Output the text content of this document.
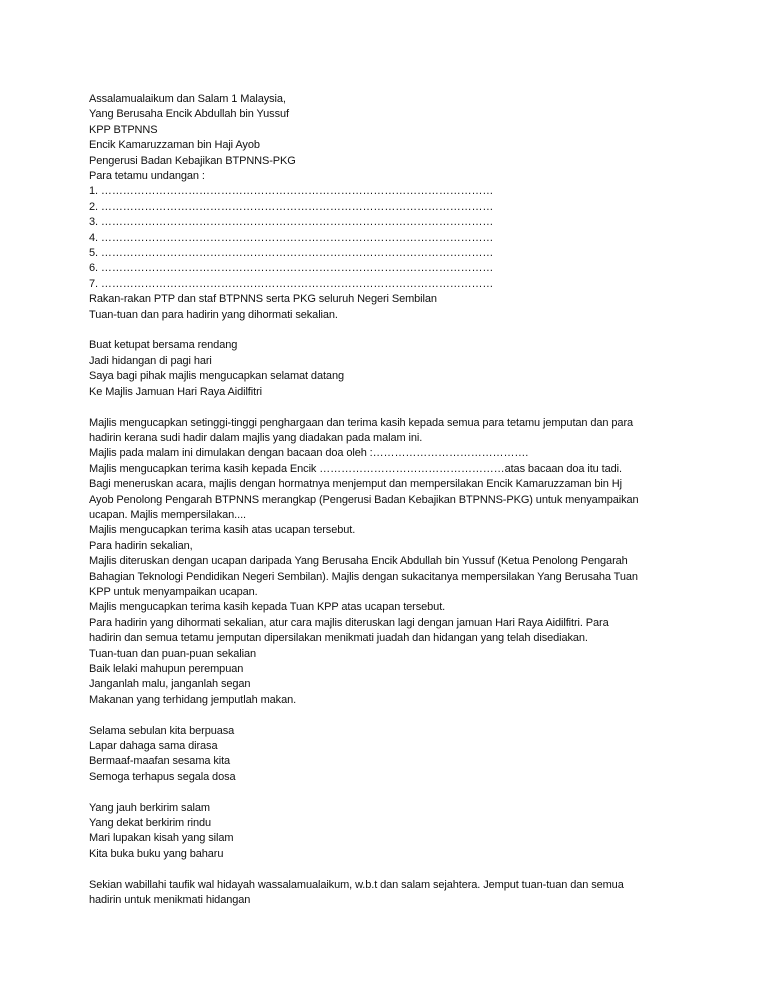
Assalamualaikum dan Salam 1 Malaysia,
Yang Berusaha Encik Abdullah bin Yussuf
KPP BTPNNS
Encik Kamaruzzaman bin Haji Ayob
Pengerusi Badan Kebajikan BTPNNS-PKG
Para tetamu undangan :
1. ………………………………………………………………………………………………
2. ………………………………………………………………………………………………
3. ………………………………………………………………………………………………
4. ………………………………………………………………………………………………
5. ………………………………………………………………………………………………
6. ………………………………………………………………………………………………
7. ………………………………………………………………………………………………
Rakan-rakan PTP dan staf BTPNNS serta PKG seluruh Negeri Sembilan
Tuan-tuan dan para hadirin yang dihormati sekalian.
Buat ketupat bersama rendang
Jadi hidangan di pagi hari
Saya bagi pihak majlis mengucapkan selamat datang
Ke Majlis Jamuan Hari Raya Aidilfitri
Majlis mengucapkan setinggi-tinggi penghargaan dan terima kasih kepada semua para tetamu jemputan dan para
hadirin kerana sudi hadir dalam majlis yang diadakan pada malam ini.
Majlis pada malam ini dimulakan dengan bacaan doa oleh :…………………………………….
Majlis mengucapkan terima kasih kepada Encik ……………………………………………atas bacaan doa itu tadi.
Bagi meneruskan acara, majlis dengan hormatnya menjemput dan mempersilakan Encik Kamaruzzaman bin Hj
Ayob Penolong Pengarah BTPNNS merangkap (Pengerusi Badan Kebajikan BTPNNS-PKG) untuk menyampaikan
ucapan. Majlis mempersilakan....
Majlis mengucapkan terima kasih atas ucapan tersebut.
Para hadirin sekalian,
Majlis diteruskan dengan ucapan daripada Yang Berusaha Encik Abdullah bin Yussuf (Ketua Penolong Pengarah
Bahagian Teknologi Pendidikan Negeri Sembilan). Majlis dengan sukacitanya mempersilakan Yang Berusaha Tuan
KPP untuk menyampaikan ucapan.
Majlis mengucapkan terima kasih kepada Tuan KPP atas ucapan tersebut.
Para hadirin yang dihormati sekalian, atur cara majlis diteruskan lagi dengan jamuan Hari Raya Aidilfitri. Para
hadirin dan semua tetamu jemputan dipersilakan menikmati juadah dan hidangan yang telah disediakan.
Tuan-tuan dan puan-puan sekalian
Baik lelaki mahupun perempuan
Janganlah malu, janganlah segan
Makanan yang terhidang jemputlah makan.
Selama sebulan kita berpuasa
Lapar dahaga sama dirasa
Bermaaf-maafan sesama kita
Semoga terhapus segala dosa
Yang jauh berkirim salam
Yang dekat berkirim rindu
Mari lupakan kisah yang silam
Kita buka buku yang baharu
Sekian wabillahi taufik wal hidayah wassalamualaikum, w.b.t dan salam sejahtera. Jemput tuan-tuan dan semua
hadirin untuk menikmati hidangan
